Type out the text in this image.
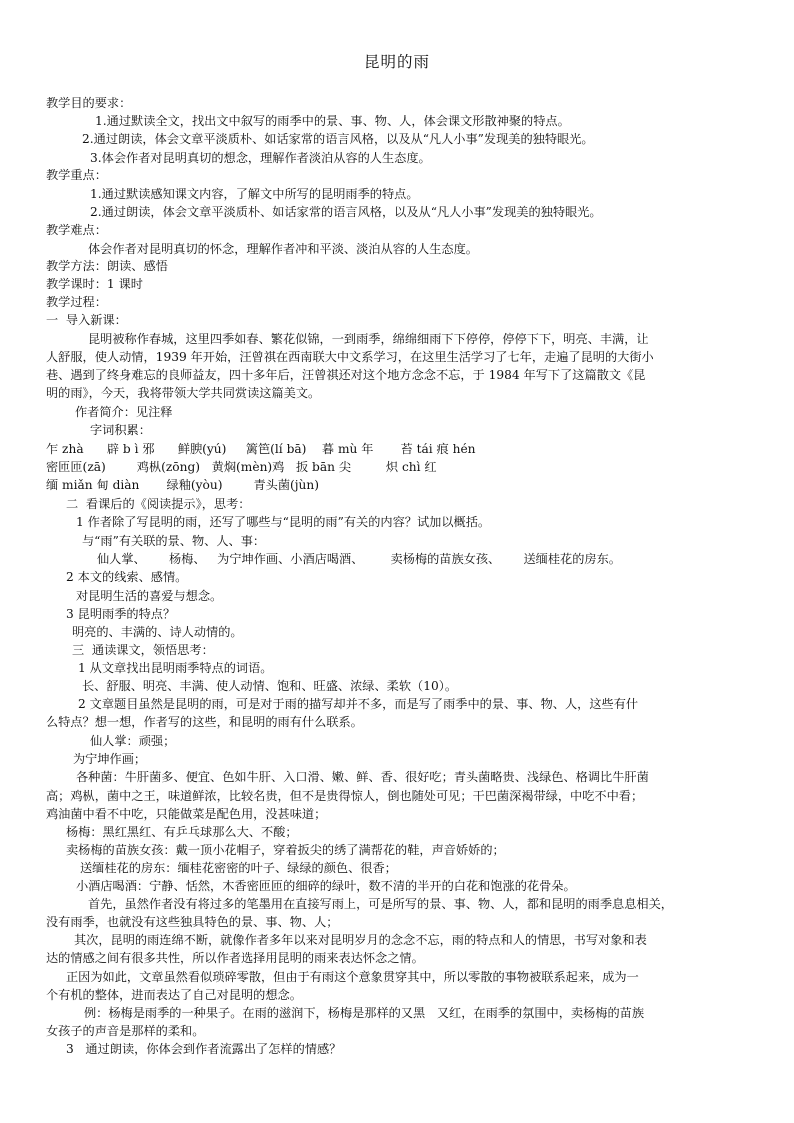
昆明的雨
教学目的要求：
1.通过默读全文，找出文中叙写的雨季中的景、事、物、人，体会课文形散神聚的特点。
2.通过朗读，体会文章平淡质朴、如话家常的语言风格，以及从“凡人小事”发现美的独特眼光。
3.体会作者对昆明真切的想念，理解作者淡泊从容的人生态度。
教学重点：
1.通过默读感知课文内容，了解文中所写的昆明雨季的特点。
2.通过朗读，体会文章平淡质朴、如话家常的语言风格，以及从“凡人小事”发现美的独特眼光。
教学难点：
体会作者对昆明真切的怀念，理解作者冲和平淡、淡泊从容的人生态度。
教学方法：朗读、感悟
教学课时：1 课时
教学过程：
一  导入新课：
昆明被称作春城，这里四季如春、繁花似锦，一到雨季，绵绵细雨下下停停，停停下下，明亮、丰满，让
人舒服，使人动情，1939 年开始，汪曾祺在西南联大中文系学习，在这里生活学习了七年，走遍了昆明的大街小
巷、遇到了终身难忘的良师益友，四十多年后，汪曾祺还对这个地方念念不忘，于 1984 年写下了这篇散文《昆
明的雨》，今天，我将带领大学共同赏读这篇美文。
作者简介：见注释
字词积累：
乍 zhà      辟 b ì 邪      鲜腴(yú)     篱笆(lí bā)    暮 mù 年       苔 tái 痕 hén
密匝匝(zā)        鸡枞(zōng)   黄焖(mèn)鸡   扳 bān 尖         炽 chì 红
缅 miǎn 甸 diàn       绿釉(yòu)        青头菌(jùn)
二  看课后的《阅读提示》，思考：
1 作者除了写昆明的雨，还写了哪些与“昆明的雨”有关的内容？试加以概括。
与“雨”有关联的景、物、人、事：
仙人掌、      杨梅、   为宁坤作画、小酒店喝酒、       卖杨梅的苗族女孩、      送缅桂花的房东。
2 本文的线索、感情。
对昆明生活的喜爱与想念。
3 昆明雨季的特点？
明亮的、丰满的、诗人动情的。
三  通读课文，领悟思考：
1 从文章找出昆明雨季特点的词语。
长、舒服、明亮、丰满、使人动情、饱和、旺盛、浓绿、柔软（10）。
2 文章题目虽然是昆明的雨，可是对于雨的描写却并不多，而是写了雨季中的景、事、物、人，这些有什
么特点？想一想，作者写的这些，和昆明的雨有什么联系。
仙人掌：顽强；
为宁坤作画；
各种菌：牛肝菌多、便宜、色如牛肝、入口滑、嫩、鲜、香、很好吃；青头菌略贵、浅绿色、格调比牛肝菌
高；鸡枞，菌中之王，味道鲜浓，比较名贵，但不是贵得惊人，倒也随处可见；干巴菌深褐带绿，中吃不中看；
鸡油菌中看不中吃，只能做菜是配色用，没甚味道；
杨梅：黑红黑红、有乒乓球那么大、不酸；
卖杨梅的苗族女孩：戴一顶小花帽子，穿着扳尖的绣了满帮花的鞋，声音娇娇的；
送缅桂花的房东：缅桂花密密的叶子、绿绿的颜色、很香；
小酒店喝酒：宁静、恬然，木香密匝匝的细碎的绿叶，数不清的半开的白花和饱涨的花骨朵。
首先，虽然作者没有将过多的笔墨用在直接写雨上，可是所写的景、事、物、人，都和昆明的雨季息息相关，
没有雨季，也就没有这些独具特色的景、事、物、人；
其次，昆明的雨连绵不断，就像作者多年以来对昆明岁月的念念不忘，雨的特点和人的情思，书写对象和表
达的情感之间有很多共性，所以作者选择用昆明的雨来表达怀念之情。
正因为如此，文章虽然看似琐碎零散，但由于有雨这个意象贯穿其中，所以零散的事物被联系起来，成为一
个有机的整体，进而表达了自己对昆明的想念。
例：杨梅是雨季的一种果子。在雨的滋润下，杨梅是那样的又黑   又红，在雨季的氛围中，卖杨梅的苗族
女孩子的声音是那样的柔和。
3   通过朗读，你体会到作者流露出了怎样的情感？
